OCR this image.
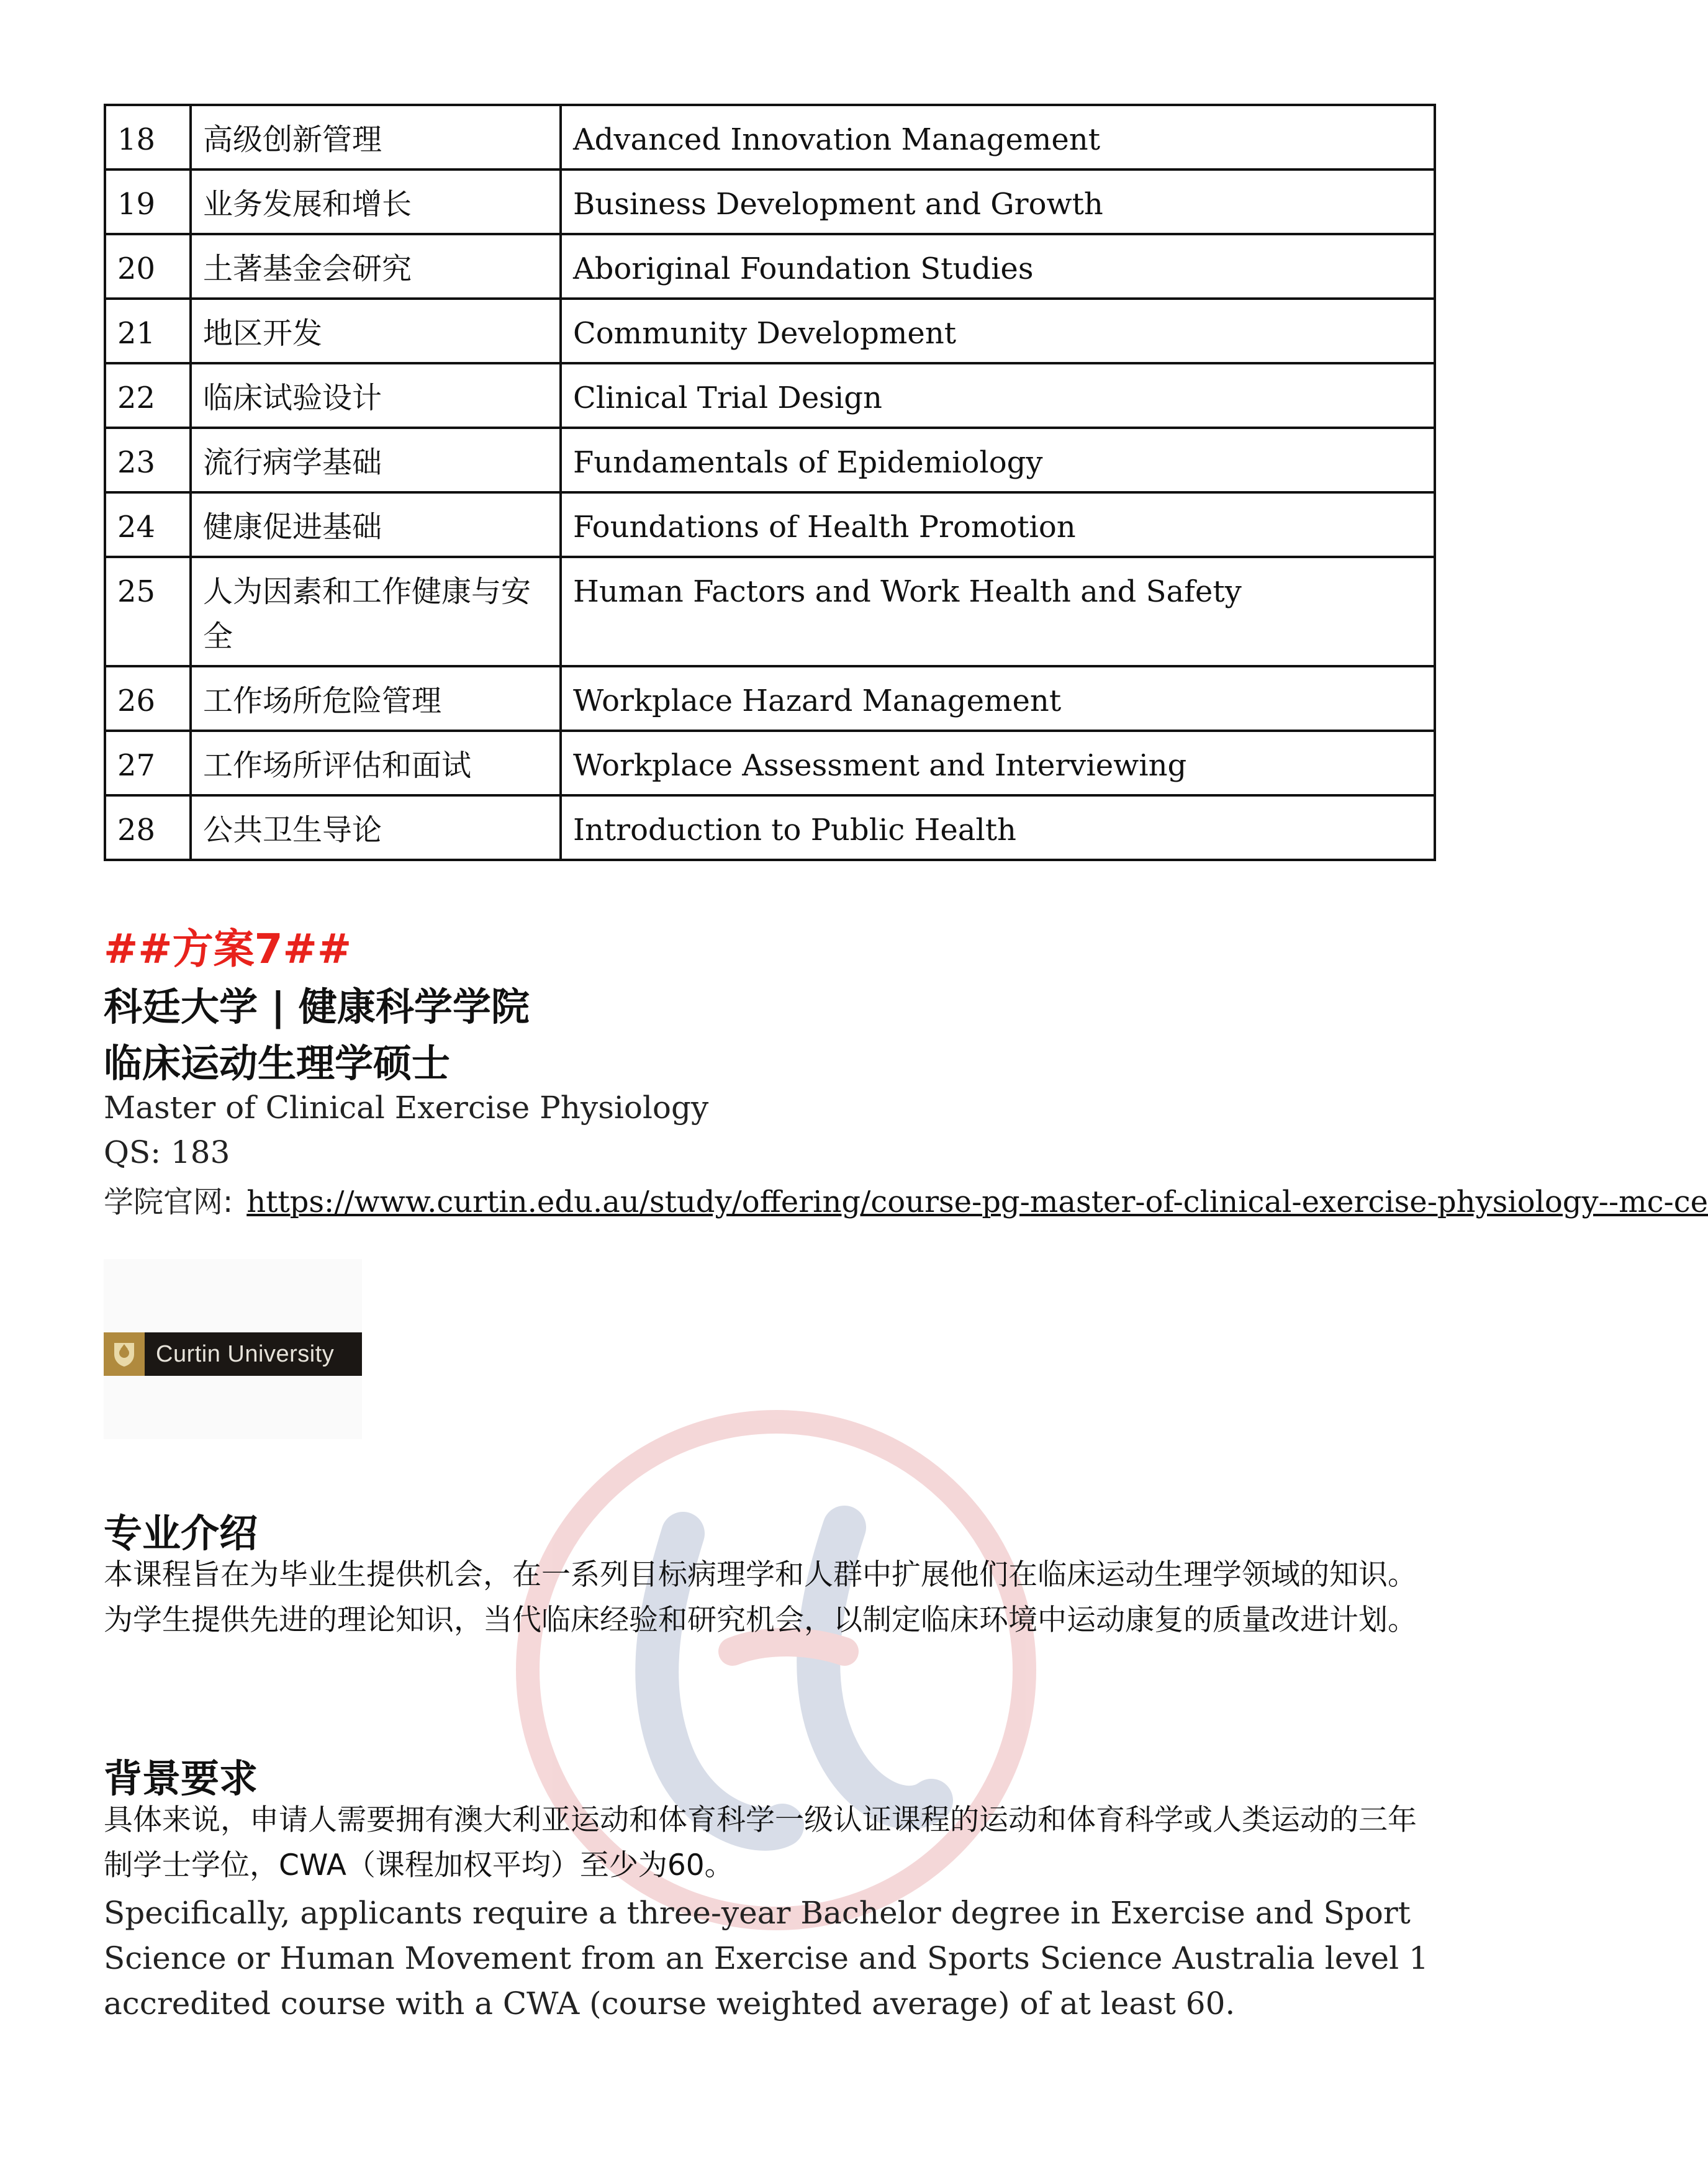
18	高级创新管理	Advanced Innovation Management
19	业务发展和增长	Business Development and Growth
20	土著基金会研究	Aboriginal Foundation Studies
21	地区开发	Community Development
22	临床试验设计	Clinical Trial Design
23	流行病学基础	Fundamentals of Epidemiology
24	健康促进基础	Foundations of Health Promotion
25	人为因素和工作健康与安全	Human Factors and Work Health and Safety
26	工作场所危险管理	Workplace Hazard Management
27	工作场所评估和面试	Workplace Assessment and Interviewing
28	公共卫生导论	Introduction to Public Health
##方案7##
科廷大学 | 健康科学学院
临床运动生理学硕士
Master of Clinical Exercise Physiology
QS: 183
学院官网: https://www.curtin.edu.au/study/offering/course-pg-master-of-clinical-exercise-physiology--mc-ce
Curtin University
专业介绍
本课程旨在为毕业生提供机会，在一系列目标病理学和人群中扩展他们在临床运动生理学领域的知识。为学生提供先进的理论知识，当代临床经验和研究机会，以制定临床环境中运动康复的质量改进计划。
背景要求
具体来说，申请人需要拥有澳大利亚运动和体育科学一级认证课程的运动和体育科学或人类运动的三年制学士学位，CWA（课程加权平均）至少为60。
Specifically, applicants require a three-year Bachelor degree in Exercise and Sport Science or Human Movement from an Exercise and Sports Science Australia level 1 accredited course with a CWA (course weighted average) of at least 60.
